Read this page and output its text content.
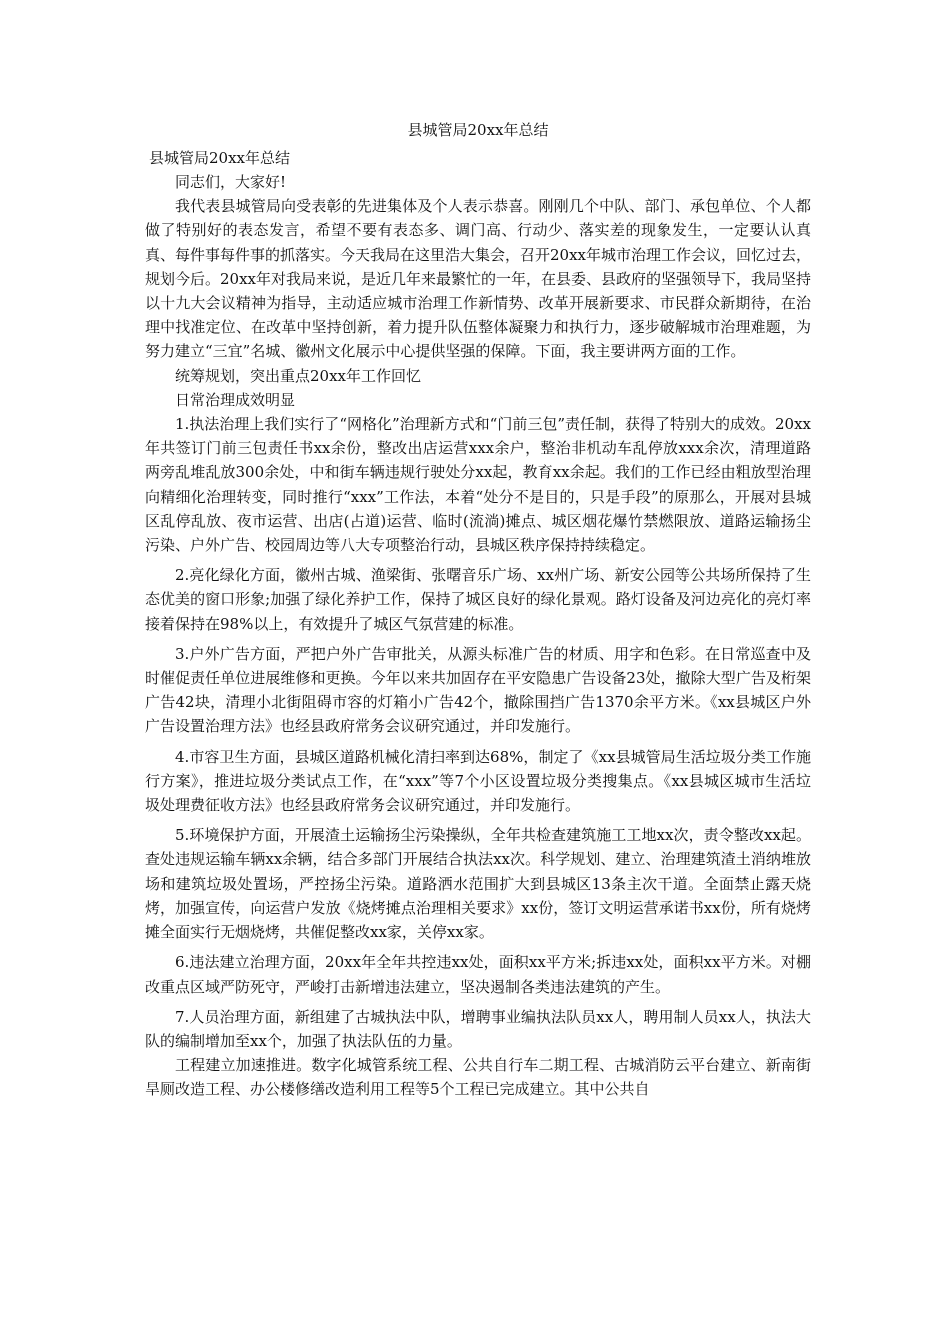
县城管局20xx年总结
县城管局20xx年总结

同志们，大家好!

我代表县城管局向受表彰的先进集体及个人表示恭喜。刚刚几个中队、部门、承包单位、个人都做了特别好的表态发言，希望不要有表态多、调门高、行动少、落实差的现象发生，一定要认认真真、每件事每件事的抓落实。今天我局在这里浩大集会，召开20xx年城市治理工作会议，回忆过去，规划今后。20xx年对我局来说，是近几年来最繁忙的一年，在县委、县政府的坚强领导下，我局坚持以十九大会议精神为指导，主动适应城市治理工作新情势、改革开展新要求、市民群众新期待，在治理中找准定位、在改革中坚持创新，着力提升队伍整体凝聚力和执行力，逐步破解城市治理难题，为努力建立“三宜”名城、徽州文化展示中心提供坚强的保障。下面，我主要讲两方面的工作。

统筹规划，突出重点20xx年工作回忆

日常治理成效明显

1.执法治理上我们实行了“网格化”治理新方式和“门前三包”责任制，获得了特别大的成效。20xx年共签订门前三包责任书xx余份，整改出店运营xxx余户，整治非机动车乱停放xxx余次，清理道路两旁乱堆乱放300余处，中和街车辆违规行驶处分xx起，教育xx余起。我们的工作已经由粗放型治理向精细化治理转变，同时推行“xxx”工作法，本着“处分不是目的，只是手段”的原那么，开展对县城区乱停乱放、夜市运营、出店(占道)运营、临时(流淌)摊点、城区烟花爆竹禁燃限放、道路运输扬尘污染、户外广告、校园周边等八大专项整治行动，县城区秩序保持持续稳定。

2.亮化绿化方面，徽州古城、渔梁街、张曙音乐广场、xx州广场、新安公园等公共场所保持了生态优美的窗口形象;加强了绿化养护工作，保持了城区良好的绿化景观。路灯设备及河边亮化的亮灯率接着保持在98%以上，有效提升了城区气氛营建的标准。

3.户外广告方面，严把户外广告审批关，从源头标准广告的材质、用字和色彩。在日常巡查中及时催促责任单位进展维修和更换。今年以来共加固存在平安隐患广告设备23处，撤除大型广告及桁架广告42块，清理小北街阻碍市容的灯箱小广告42个，撤除围挡广告1370余平方米。《xx县城区户外广告设置治理方法》也经县政府常务会议研究通过，并印发施行。

4.市容卫生方面，县城区道路机械化清扫率到达68%，制定了《xx县城管局生活垃圾分类工作施行方案》，推进垃圾分类试点工作，在“xxx”等7个小区设置垃圾分类搜集点。《xx县城区城市生活垃圾处理费征收方法》也经县政府常务会议研究通过，并印发施行。

5.环境保护方面，开展渣土运输扬尘污染操纵，全年共检查建筑施工工地xx次，责令整改xx起。查处违规运输车辆xx余辆，结合多部门开展结合执法xx次。科学规划、建立、治理建筑渣土消纳堆放场和建筑垃圾处置场，严控扬尘污染。道路洒水范围扩大到县城区13条主次干道。全面禁止露天烧烤，加强宣传，向运营户发放《烧烤摊点治理相关要求》xx份，签订文明运营承诺书xx份，所有烧烤摊全面实行无烟烧烤，共催促整改xx家，关停xx家。

6.违法建立治理方面，20xx年全年共控违xx处，面积xx平方米;拆违xx处，面积xx平方米。对棚改重点区域严防死守，严峻打击新增违法建立，坚决遏制各类违法建筑的产生。

7.人员治理方面，新组建了古城执法中队，增聘事业编执法队员xx人，聘用制人员xx人，执法大队的编制增加至xx个，加强了执法队伍的力量。

工程建立加速推进。数字化城管系统工程、公共自行车二期工程、古城消防云平台建立、新南街旱厕改造工程、办公楼修缮改造利用工程等5个工程已完成建立。其中公共自
